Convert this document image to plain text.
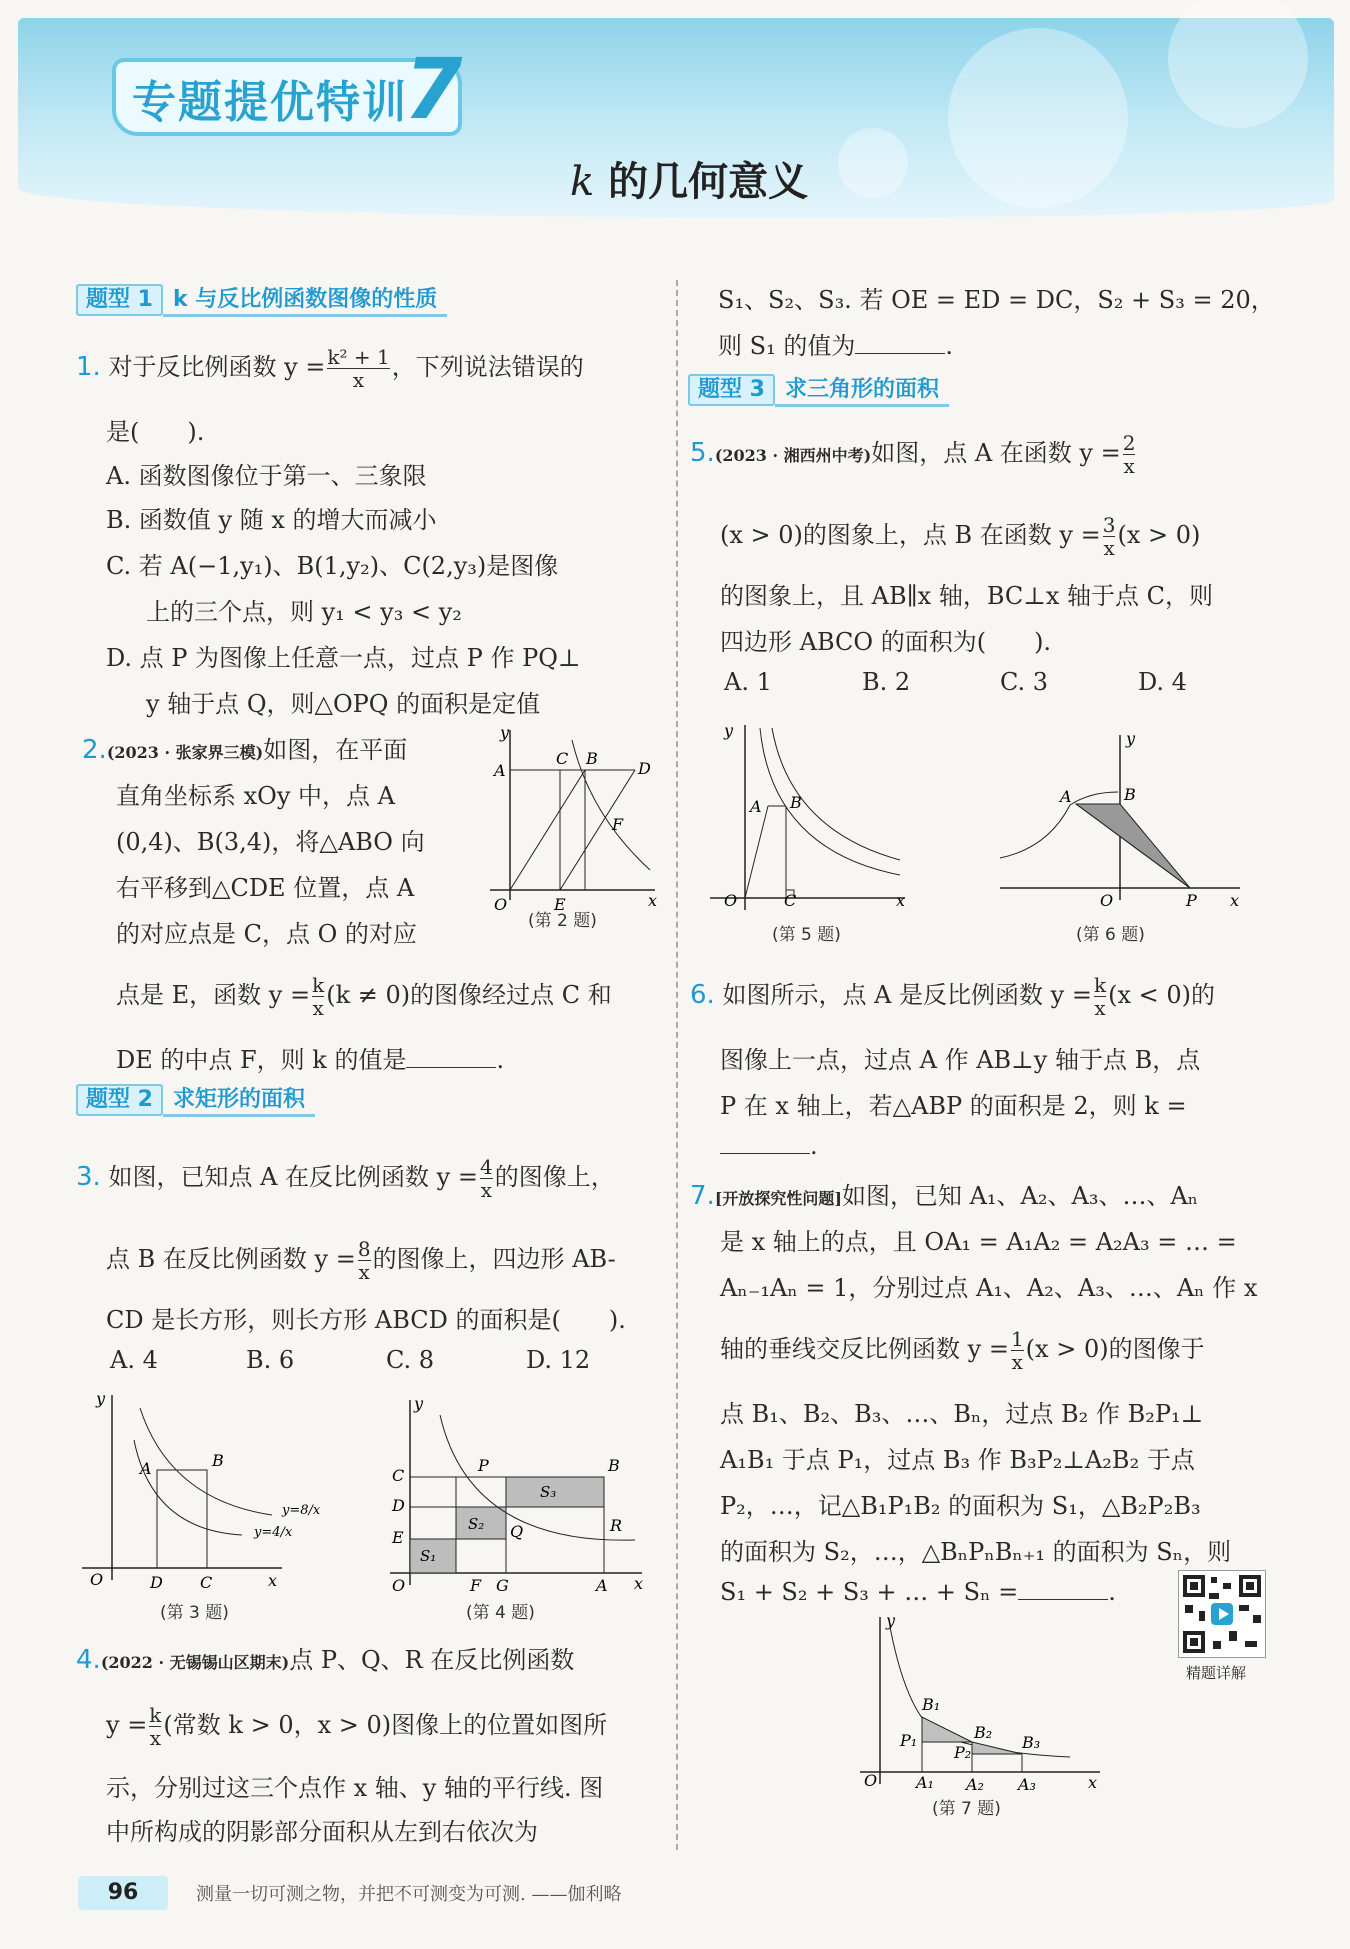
专题提优特训
7
k 的几何意义
题型 1 k 与反比例函数图像的性质
1. 对于反比例函数 $y = \frac{\text{k² + 1}}{x}$ ，下列说法错误的
是(　　).
A. 函数图像位于第一、三象限
B. 函数值 y 随 x 的增大而减小
C. 若 A(−1,y₁)、B(1,y₂)、C(2,y₃)是图像
上的三个点，则 y₁ < y₃ < y₂
D. 点 P 为图像上任意一点，过点 P 作 PQ⊥
y 轴于点 Q，则△OPQ 的面积是定值
2.(2023 · 张家界三模)如图，在平面
直角坐标系 xOy 中，点 A
(0,4)、B(3,4)，将△ABO 向
右平移到△CDE 位置，点 A
的对应点是 C，点 O 的对应
点是 E，函数 $y = \frac{k}{x} (k \ne 0)$的图像经过点 C 和
DE 的中点 F，则 k 的值是	.
y
A
C B
D
F
O	E	x
(第 2 题)
题型 2 求矩形的面积
3. 如图，已知点 A 在反比例函数 $y = \frac{4}{x}$ 的图像上，
点 B 在反比例函数 $y = \frac{8}{x}$ 的图像上，四边形 AB-
CD 是长方形，则长方形 ABCD 的面积是(　　).
A. 4	B. 6	C. 8	D. 12
y
A	B
O	D C	x
y=8/x
y=4/x
(第 3 题)
y
C
D
E
P	B
Q	R
S₃
S₂
S₁
O	F G	A x
(第 4 题)
4.(2022 · 无锡锡山区期末)点 P、Q、R 在反比例函数
$y = \frac{k}{x}$ (常数 k > 0，x > 0)图像上的位置如图所
示，分别过这三个点作 x 轴、y 轴的平行线. 图
中所构成的阴影部分面积从左到右依次为
S₁、S₂、S₃. 若 OE = ED = DC，S₂ + S₃ = 20，
则 S₁ 的值为	.
题型 3 求三角形的面积
5.(2023 · 湘西州中考)如图，点 A 在函数 $y = \frac{2}{x}$
(x > 0)的图象上，点 B 在函数 $y = \frac{3}{x} (x > 0)$
的图象上，且 AB∥x 轴，BC⊥x 轴于点 C，则
四边形 ABCO 的面积为(　　).
A. 1	B. 2	C. 3	D. 4
y
A B
O	C	x
(第 5 题)
y
A	B
O	P x
(第 6 题)
6. 如图所示，点 A 是反比例函数 $y = \frac{k}{x} (x < 0)$的
图像上一点，过点 A 作 AB⊥y 轴于点 B，点
P 在 x 轴上，若△ABP 的面积是 2，则 k =
.
7.[开放探究性问题]如图，已知 A₁、A₂、A₃、…、Aₙ
是 x 轴上的点，且 OA₁ = A₁A₂ = A₂A₃ = … =
Aₙ₋₁Aₙ = 1，分别过点 A₁、A₂、A₃、…、Aₙ 作 x
轴的垂线交反比例函数 $y = \frac{1}{x} (x > 0)$的图像于
点 B₁、B₂、B₃、…、Bₙ，过点 B₂ 作 B₂P₁⊥
A₁B₁ 于点 P₁，过点 B₃ 作 B₃P₂⊥A₂B₂ 于点
P₂，…，记△B₁P₁B₂ 的面积为 S₁，△B₂P₂B₃
的面积为 S₂，…，△BₙPₙBₙ₊₁ 的面积为 Sₙ，则
S₁ + S₂ + S₃ + … + Sₙ =	.
精题详解
y
B₁
B₂
B₃
P₁
P₂
O A₁ A₂ A₃	x
(第 7 题)
96	测量一切可测之物，并把不可测变为可测. ——伽利略
